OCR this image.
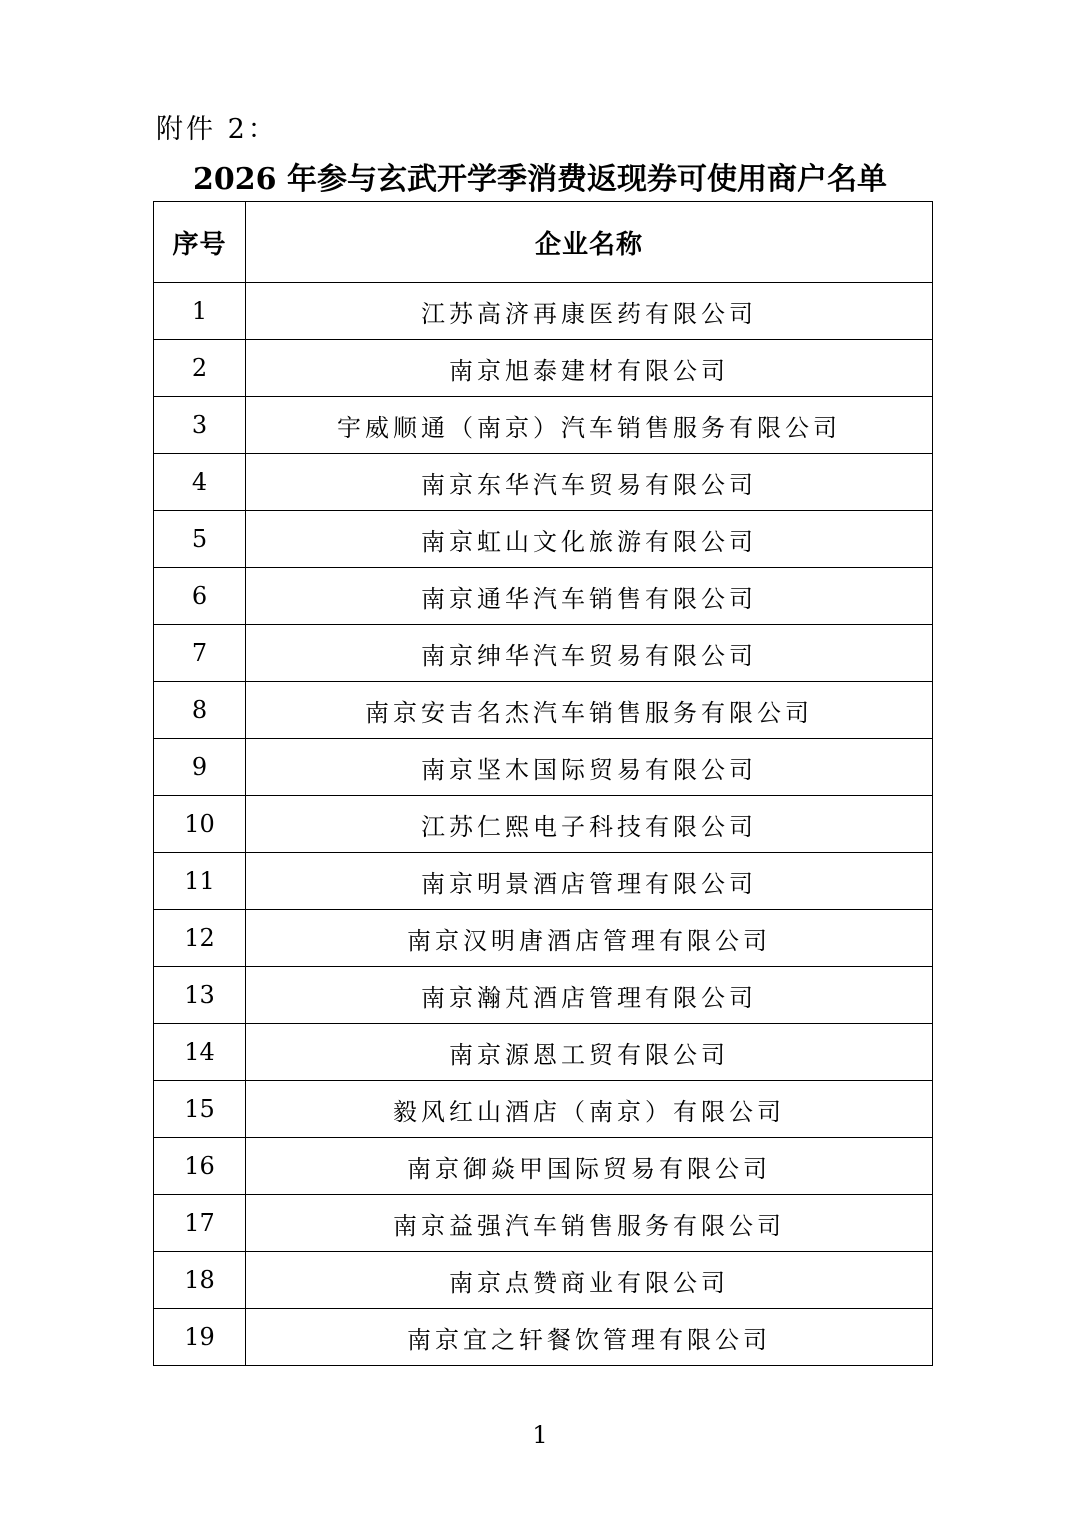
附件 2：
2026 年参与玄武开学季消费返现券可使用商户名单
序号	企业名称
1	江苏高济再康医药有限公司
2	南京旭泰建材有限公司
3	宇威顺通（南京）汽车销售服务有限公司
4	南京东华汽车贸易有限公司
5	南京虹山文化旅游有限公司
6	南京通华汽车销售有限公司
7	南京绅华汽车贸易有限公司
8	南京安吉名杰汽车销售服务有限公司
9	南京坚木国际贸易有限公司
10	江苏仁熙电子科技有限公司
11	南京明景酒店管理有限公司
12	南京汉明唐酒店管理有限公司
13	南京瀚芃酒店管理有限公司
14	南京源恩工贸有限公司
15	毅风红山酒店（南京）有限公司
16	南京御焱甲国际贸易有限公司
17	南京益强汽车销售服务有限公司
18	南京点赞商业有限公司
19	南京宜之轩餐饮管理有限公司
1
